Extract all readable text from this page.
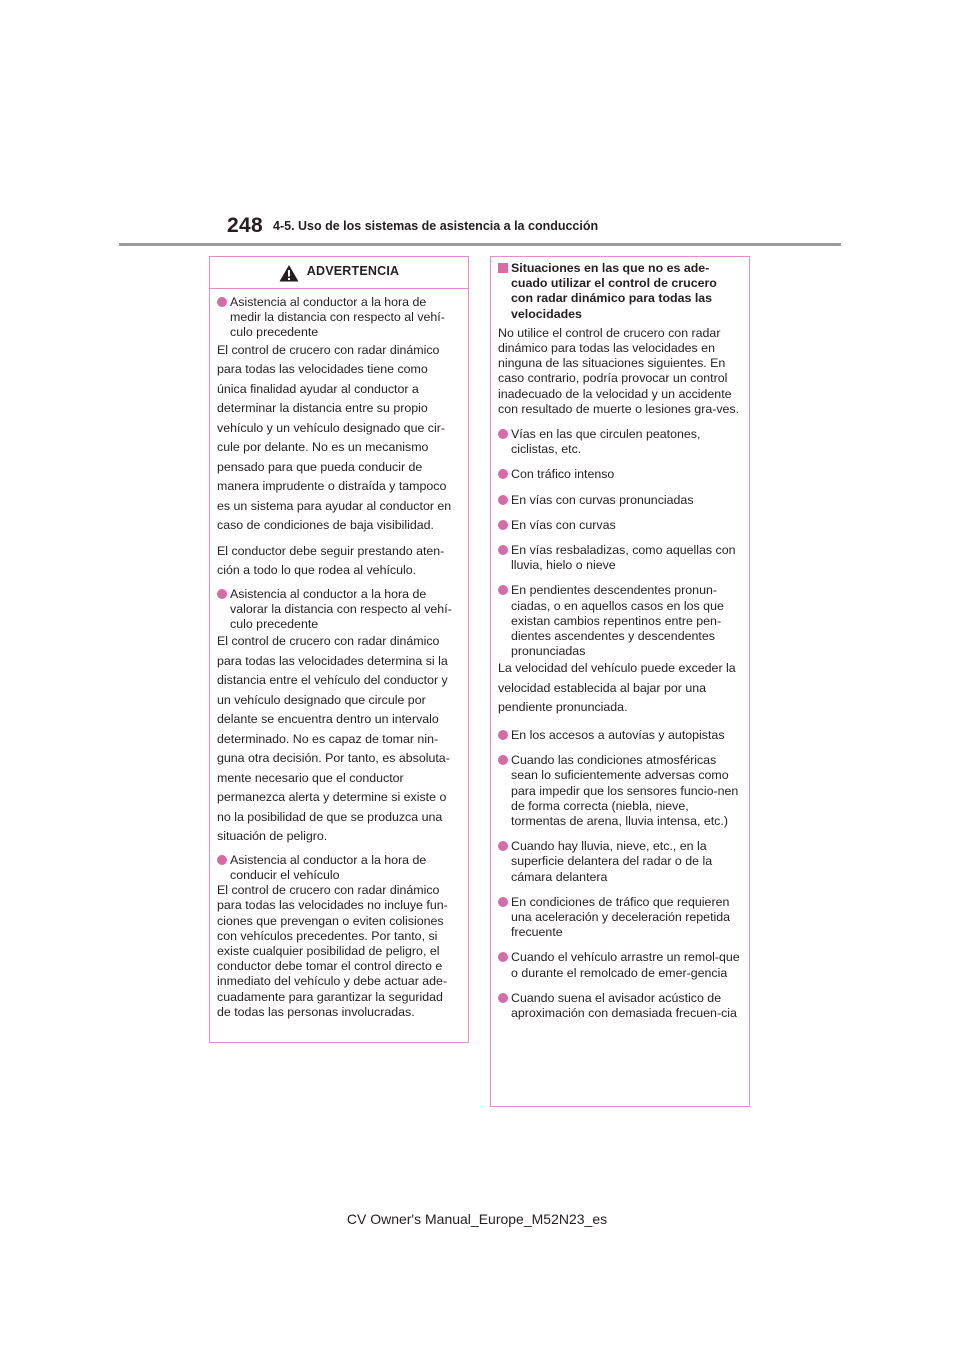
248 4-5. Uso de los sistemas de asistencia a la conducción
ADVERTENCIA
Asistencia al conductor a la hora de medir la distancia con respecto al vehí-culo precedente

El control de crucero con radar dinámico para todas las velocidades tiene como única finalidad ayudar al conductor a determinar la distancia entre su propio vehículo y un vehículo designado que cir-cule por delante. No es un mecanismo pensado para que pueda conducir de manera imprudente o distraída y tampoco es un sistema para ayudar al conductor en caso de condiciones de baja visibilidad.

El conductor debe seguir prestando aten-ción a todo lo que rodea al vehículo.

Asistencia al conductor a la hora de valorar la distancia con respecto al vehí-culo precedente

El control de crucero con radar dinámico para todas las velocidades determina si la distancia entre el vehículo del conductor y un vehículo designado que circule por delante se encuentra dentro un intervalo determinado. No es capaz de tomar nin-guna otra decisión. Por tanto, es absoluta-mente necesario que el conductor permanezca alerta y determine si existe o no la posibilidad de que se produzca una situación de peligro.

Asistencia al conductor a la hora de conducir el vehículo

El control de crucero con radar dinámico para todas las velocidades no incluye fun-ciones que prevengan o eviten colisiones con vehículos precedentes. Por tanto, si existe cualquier posibilidad de peligro, el conductor debe tomar el control directo e inmediato del vehículo y debe actuar ade-cuadamente para garantizar la seguridad de todas las personas involucradas.

Situaciones en las que no es ade-cuado utilizar el control de crucero con radar dinámico para todas las velocidades

No utilice el control de crucero con radar dinámico para todas las velocidades en ninguna de las situaciones siguientes. En caso contrario, podría provocar un control inadecuado de la velocidad y un accidente con resultado de muerte o lesiones gra-ves.

Vías en las que circulen peatones, ciclistas, etc.
Con tráfico intenso
En vías con curvas pronunciadas
En vías con curvas
En vías resbaladizas, como aquellas con lluvia, hielo o nieve
En pendientes descendentes pronun-ciadas, o en aquellos casos en los que existan cambios repentinos entre pen-dientes ascendentes y descendentes pronunciadas

La velocidad del vehículo puede exceder la velocidad establecida al bajar por una pendiente pronunciada.

En los accesos a autovías y autopistas
Cuando las condiciones atmosféricas sean lo suficientemente adversas como para impedir que los sensores funcio-nen de forma correcta (niebla, nieve, tormentas de arena, lluvia intensa, etc.)
Cuando hay lluvia, nieve, etc., en la superficie delantera del radar o de la cámara delantera
En condiciones de tráfico que requieren una aceleración y deceleración repetida frecuente
Cuando el vehículo arrastre un remol-que o durante el remolcado de emer-gencia
Cuando suena el avisador acústico de aproximación con demasiada frecuen-cia
CV Owner's Manual_Europe_M52N23_es
